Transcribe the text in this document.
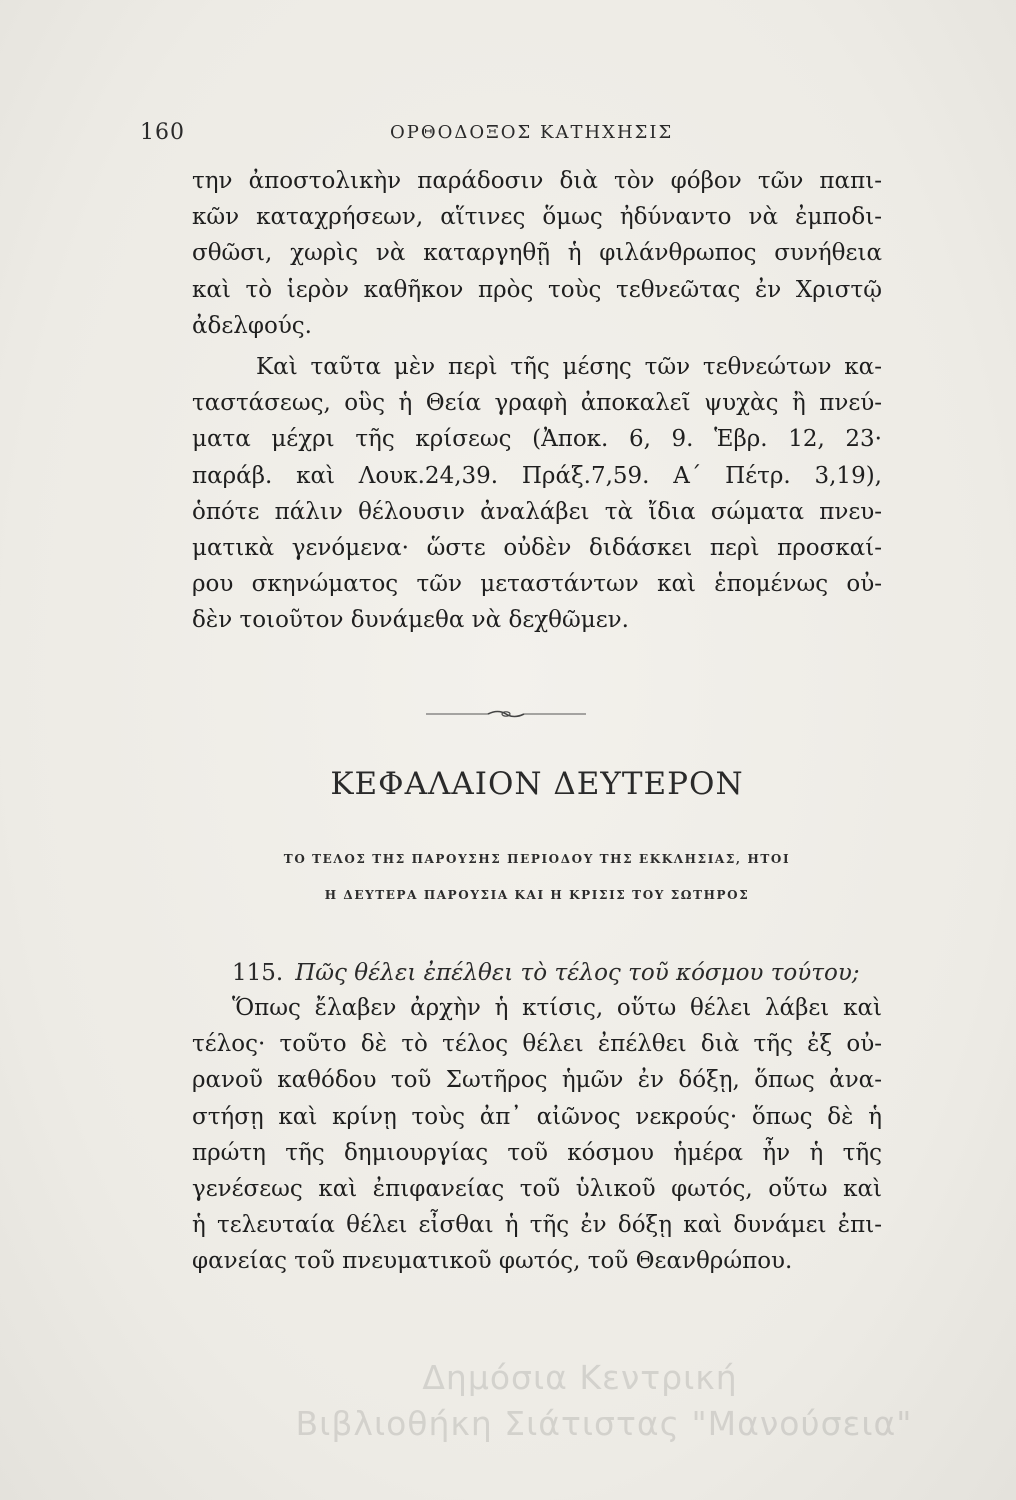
160	ΟΡΘΟΔΟΞΟΣ ΚΑΤΗΧΗΣΙΣ
την ἀποστολικὴν παράδοσιν διὰ τὸν φόβον τῶν παπι-
κῶν καταχρήσεων, αἵτινες ὅμως ἠδύναντο νὰ ἐμποδι-
σθῶσι, χωρὶς νὰ καταργηθῇ ἡ φιλάνθρωπος συνήθεια
καὶ τὸ ἱερὸν καθῆκον πρὸς τοὺς τεθνεῶτας ἐν Χριστῷ
ἀδελφούς.
Καὶ ταῦτα μὲν περὶ τῆς μέσης τῶν τεθνεώτων κα-
ταστάσεως, οὓς ἡ Θεία γραφὴ ἀποκαλεῖ ψυχὰς ἢ πνεύ-
ματα μέχρι τῆς κρίσεως (Ἀποκ. 6, 9. Ἑβρ. 12, 23·
παράβ. καὶ Λουκ.24,39. Πράξ.7,59. Α´ Πέτρ. 3,19),
ὁπότε πάλιν θέλουσιν ἀναλάβει τὰ ἴδια σώματα πνευ-
ματικὰ γενόμενα· ὥστε οὐδὲν διδάσκει περὶ προσκαί-
ρου σκηνώματος τῶν μεταστάντων καὶ ἑπομένως οὐ-
δὲν τοιοῦτον δυνάμεθα νὰ δεχθῶμεν.
ΚΕΦΑΛΑΙΟΝ ΔΕΥΤΕΡΟΝ
ΤΟ ΤΕΛΟΣ ΤΗΣ ΠΑΡΟΥΣΗΣ ΠΕΡΙΟΔΟΥ ΤΗΣ ΕΚΚΛΗΣΙΑΣ, ΗΤΟΙ
Η ΔΕΥΤΕΡΑ ΠΑΡΟΥΣΙΑ ΚΑΙ Η ΚΡΙΣΙΣ ΤΟΥ ΣΩΤΗΡΟΣ
115. Πῶς θέλει ἐπέλθει τὸ τέλος τοῦ κόσμου τούτου;
Ὅπως ἔλαβεν ἀρχὴν ἡ κτίσις, οὕτω θέλει λάβει καὶ
τέλος· τοῦτο δὲ τὸ τέλος θέλει ἐπέλθει διὰ τῆς ἐξ οὐ-
ρανοῦ καθόδου τοῦ Σωτῆρος ἡμῶν ἐν δόξῃ, ὅπως ἀνα-
στήσῃ καὶ κρίνῃ τοὺς ἀπ᾽ αἰῶνος νεκρούς· ὅπως δὲ ἡ
πρώτη τῆς δημιουργίας τοῦ κόσμου ἡμέρα ἦν ἡ τῆς
γενέσεως καὶ ἐπιφανείας τοῦ ὑλικοῦ φωτός, οὕτω καὶ
ἡ τελευταία θέλει εἶσθαι ἡ τῆς ἐν δόξῃ καὶ δυνάμει ἐπι-
φανείας τοῦ πνευματικοῦ φωτός, τοῦ Θεανθρώπου.
Δημόσια Κεντρική
Βιβλιοθήκη Σιάτιστας "Μανούσεια"
